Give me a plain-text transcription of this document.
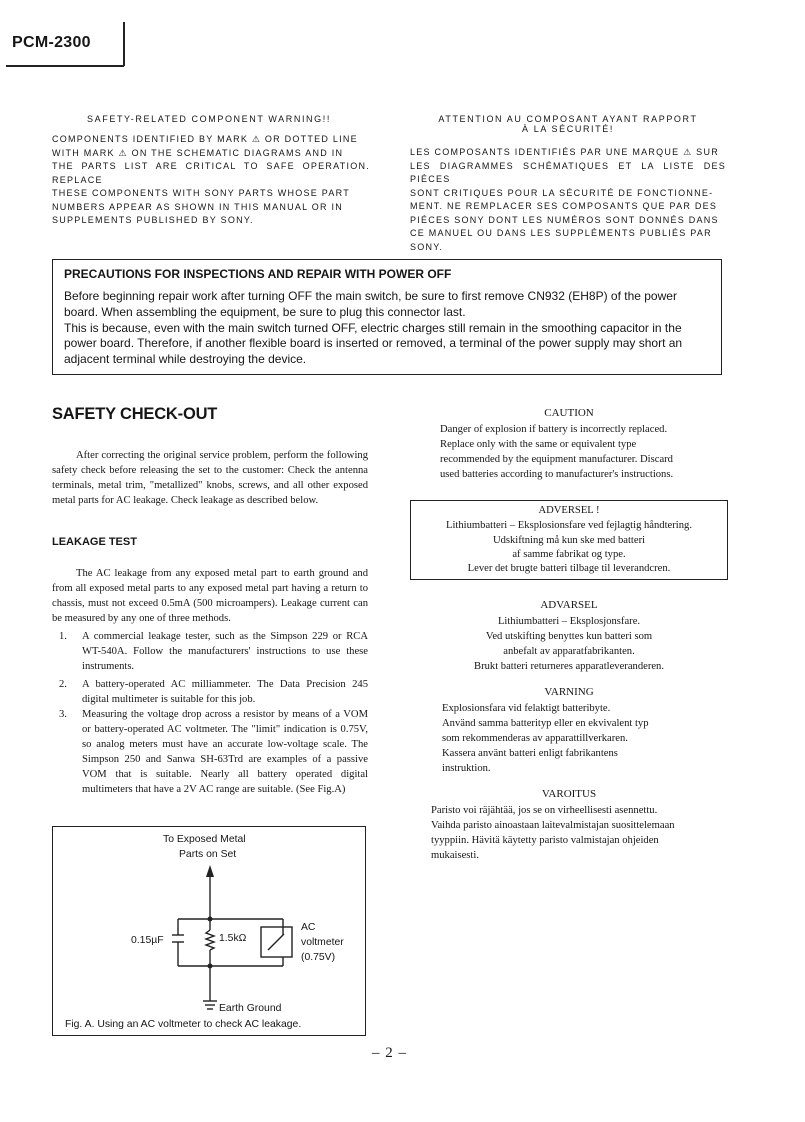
PCM-2300
SAFETY-RELATED COMPONENT WARNING!!
COMPONENTS IDENTIFIED BY MARK ⚠ OR DOTTED LINE
WITH MARK ⚠ ON THE SCHEMATIC DIAGRAMS AND IN
THE PARTS LIST ARE CRITICAL TO SAFE OPERATION. REPLACE
THESE COMPONENTS WITH SONY PARTS WHOSE PART
NUMBERS APPEAR AS SHOWN IN THIS MANUAL OR IN
SUPPLEMENTS PUBLISHED BY SONY.
ATTENTION AU COMPOSANT AYANT RAPPORT
À LA SÉCURITÉ!
LES COMPOSANTS IDENTIFIÉS PAR UNE MARQUE ⚠ SUR
LES DIAGRAMMES SCHÉMATIQUES ET LA LISTE DES PIÉCES
SONT CRITIQUES POUR LA SÉCURITÉ DE FONCTIONNE-
MENT. NE REMPLACER SES COMPOSANTS QUE PAR DES
PIÉCES SONY DONT LES NUMÉROS SONT DONNÉS DANS
CE MANUEL OU DANS LES SUPPLÉMENTS PUBLIÉS PAR
SONY.
PRECAUTIONS FOR INSPECTIONS AND REPAIR WITH POWER OFF

Before beginning repair work after turning OFF the main switch, be sure to first remove CN932 (EH8P) of the power board. When assembling the equipment, be sure to plug this connector last.

This is because, even with the main switch turned OFF, electric charges still remain in the smoothing capacitor in the power board. Therefore, if another flexible board is inserted or removed, a terminal of the power supply may short an adjacent terminal while destroying the device.

SAFETY CHECK-OUT
After correcting the original service problem, perform the following safety check before releasing the set to the customer: Check the antenna terminals, metal trim, "metallized" knobs, screws, and all other exposed metal parts for AC leakage. Check leakage as described below.
LEAKAGE TEST
The AC leakage from any exposed metal part to earth ground and from all exposed metal parts to any exposed metal part having a return to chassis, must not exceed 0.5mA (500 microampers). Leakage current can be measured by any one of three methods.
1. A commercial leakage tester, such as the Simpson 229 or RCA WT-540A. Follow the manufacturers' instructions to use these instruments.
2. A battery-operated AC milliammeter. The Data Precision 245 digital multimeter is suitable for this job.
3. Measuring the voltage drop across a resistor by means of a VOM or battery-operated AC voltmeter. The "limit" indication is 0.75V, so analog meters must have an accurate low-voltage scale. The Simpson 250 and Sanwa SH-63Trd are examples of a passive VOM that is suitable. Nearly all battery operated digital multimeters that have a 2V AC range are suitable. (See Fig.A)
To Exposed Metal
Parts on Set
0.15µF	1.5kΩ
AC
voltmeter
(0.75V)
Earth Ground
Fig. A. Using an AC voltmeter to check AC leakage.
CAUTION
Danger of explosion if battery is incorrectly replaced.
Replace only with the same or equivalent type
recommended by the equipment manufacturer. Discard
used batteries according to manufacturer's instructions.
ADVERSEL !
Lithiumbatteri – Eksplosionsfare ved fejlagtig håndtering.
Udskiftning må kun ske med batteri
af samme fabrikat og type.
Lever det brugte batteri tilbage til leverandcren.
ADVARSEL
Lithiumbatteri – Eksplosjonsfare.
Ved utskifting benyttes kun batteri som
anbefalt av apparatfabrikanten.
Brukt batteri returneres apparatleveranderen.
VARNING
Explosionsfara vid felaktigt batteribyte.
Använd samma batterityp eller en ekvivalent typ
som rekommenderas av apparattillverkaren.
Kassera använt batteri enligt fabrikantens
instruktion.
VAROITUS
Paristo voi räjähtää, jos se on virheellisesti asennettu.
Vaihda paristo ainoastaan laitevalmistajan suosittelemaan
tyyppiin. Hävitä käytetty paristo valmistajan ohjeiden
mukaisesti.
– 2 –
